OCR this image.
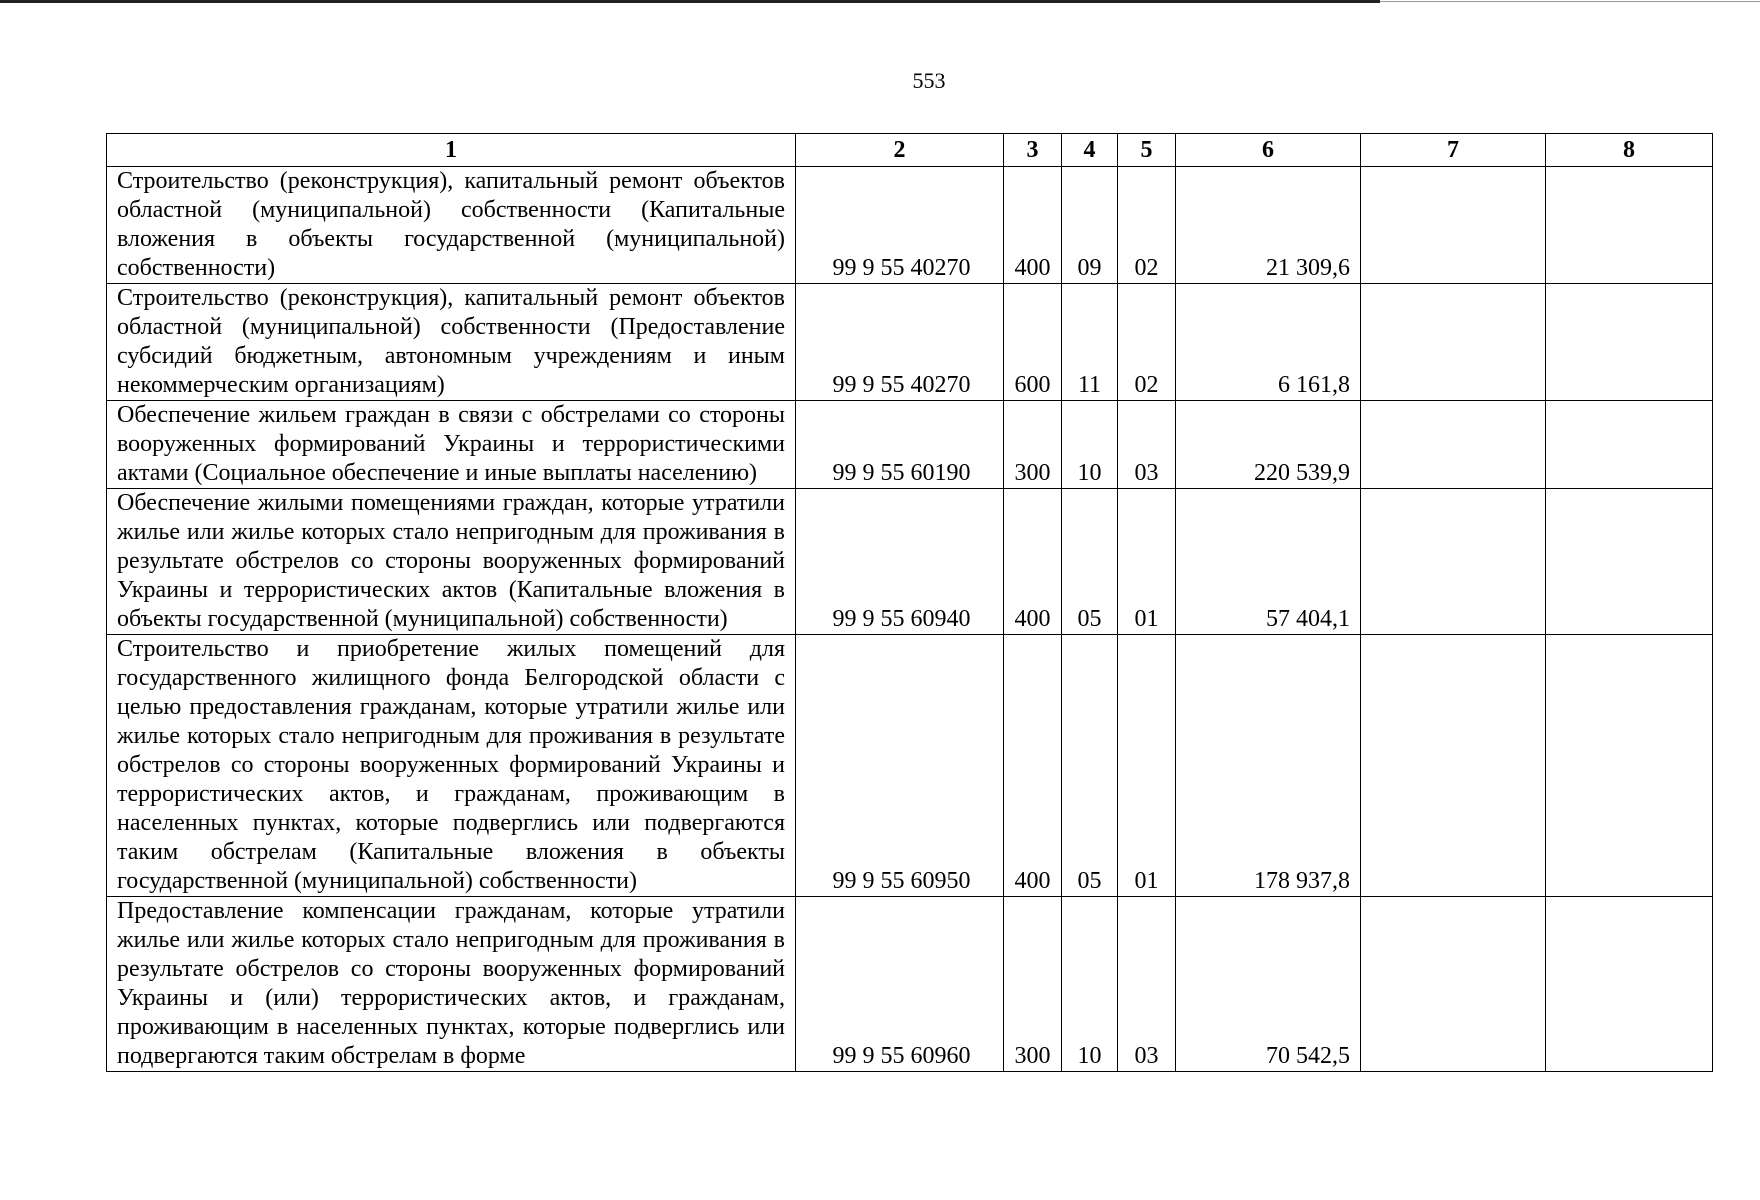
553
1	2	3	4	5	6	7	8
Строительство (реконструкция), капитальный ремонт объектов областной (муниципальной) собственности (Капитальные вложения в объекты государственной (муниципальной) собственности)	99 9 55 40270	400	09	02	21 309,6		
Строительство (реконструкция), капитальный ремонт объектов областной (муниципальной) собственности (Предоставление субсидий бюджетным, автономным учреждениям и иным некоммерческим организациям)	99 9 55 40270	600	11	02	6 161,8		
Обеспечение жильем граждан в связи с обстрелами со стороны вооруженных формирований Украины и террористическими актами (Социальное обеспечение и иные выплаты населению)	99 9 55 60190	300	10	03	220 539,9		
Обеспечение жилыми помещениями граждан, которые утратили жилье или жилье которых стало непригодным для проживания в результате обстрелов со стороны вооруженных формирований Украины и террористических актов (Капитальные вложения в объекты государственной (муниципальной) собственности)	99 9 55 60940	400	05	01	57 404,1		
Строительство и приобретение жилых помещений для государственного жилищного фонда Белгородской области с целью предоставления гражданам, которые утратили жилье или жилье которых стало непригодным для проживания в результате обстрелов со стороны вооруженных формирований Украины и террористических актов, и гражданам, проживающим в населенных пунктах, которые подверглись или подвергаются таким обстрелам (Капитальные вложения в объекты государственной (муниципальной) собственности)	99 9 55 60950	400	05	01	178 937,8		
Предоставление компенсации гражданам, которые утратили жилье или жилье которых стало непригодным для проживания в результате обстрелов со стороны вооруженных формирований Украины и (или) террористических актов, и гражданам, проживающим в населенных пунктах, которые подверглись или подвергаются таким обстрелам в форме	99 9 55 60960	300	10	03	70 542,5		
